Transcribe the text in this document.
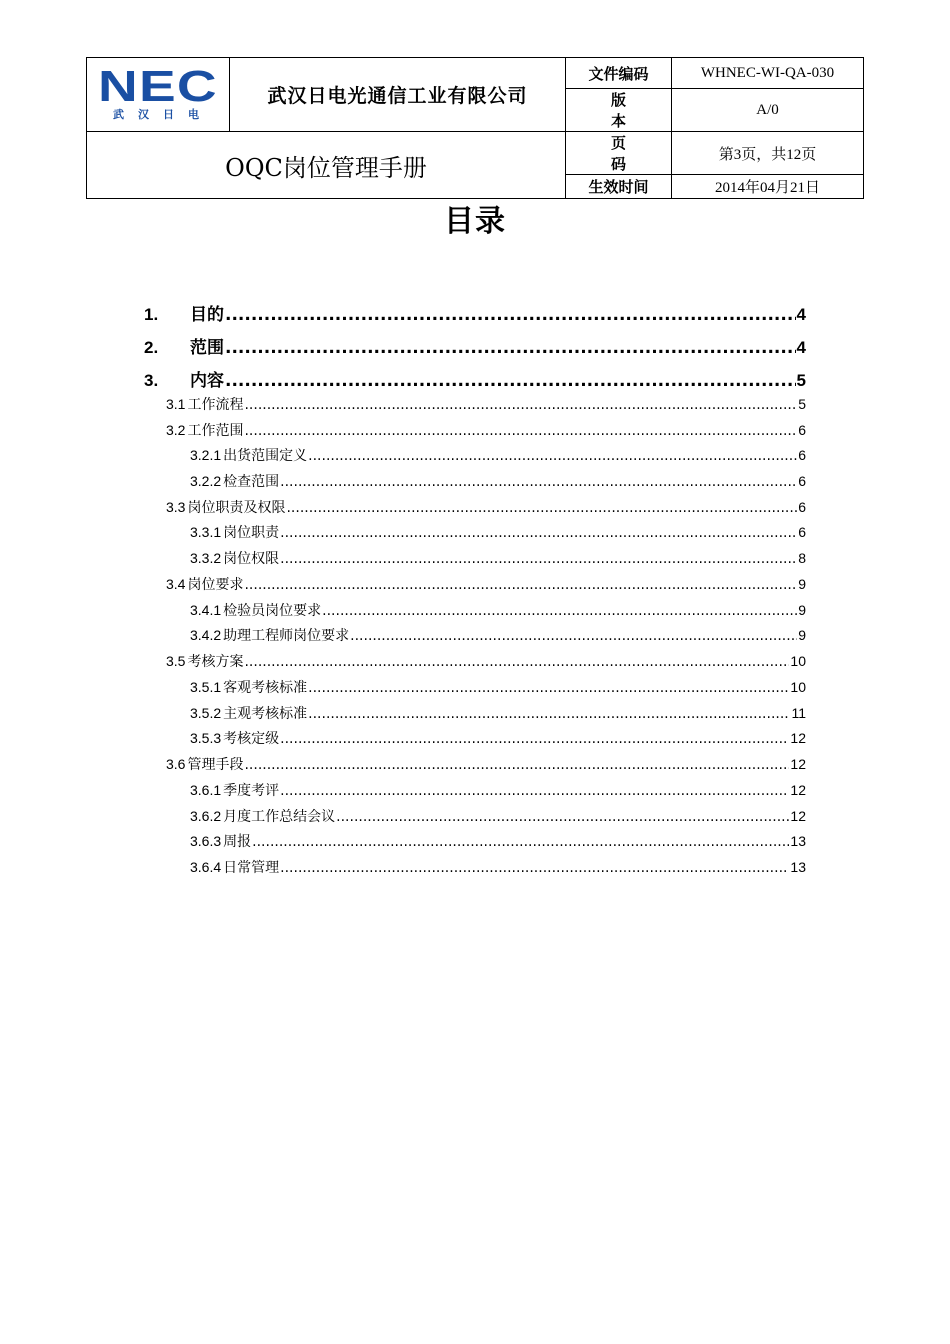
NEC
武汉日电	武汉日电光通信工业有限公司	文件编码	WHNEC-WI-QA-030
		版本	A/0
OQC岗位管理手册		页码	第3页，共12页
		生效时间	2014年04月21日
目录
1.	目的 .....	4
2.	范围 .....	4
3.	内容 .....	5
3.1 工作流程 .....	5
3.2 工作范围 .....	6
3.2.1 出货范围定义 .....	6
3.2.2 检查范围 .....	6
3.3 岗位职责及权限 .....	6
3.3.1 岗位职责 .....	6
3.3.2 岗位权限 .....	8
3.4 岗位要求 .....	9
3.4.1 检验员岗位要求 .....	9
3.4.2 助理工程师岗位要求 .....	9
3.5 考核方案 .....	10
3.5.1 客观考核标准 .....	10
3.5.2 主观考核标准 .....	11
3.5.3 考核定级 .....	12
3.6 管理手段 .....	12
3.6.1 季度考评 .....	12
3.6.2 月度工作总结会议 .....	12
3.6.3 周报 .....	13
3.6.4 日常管理 .....	13
